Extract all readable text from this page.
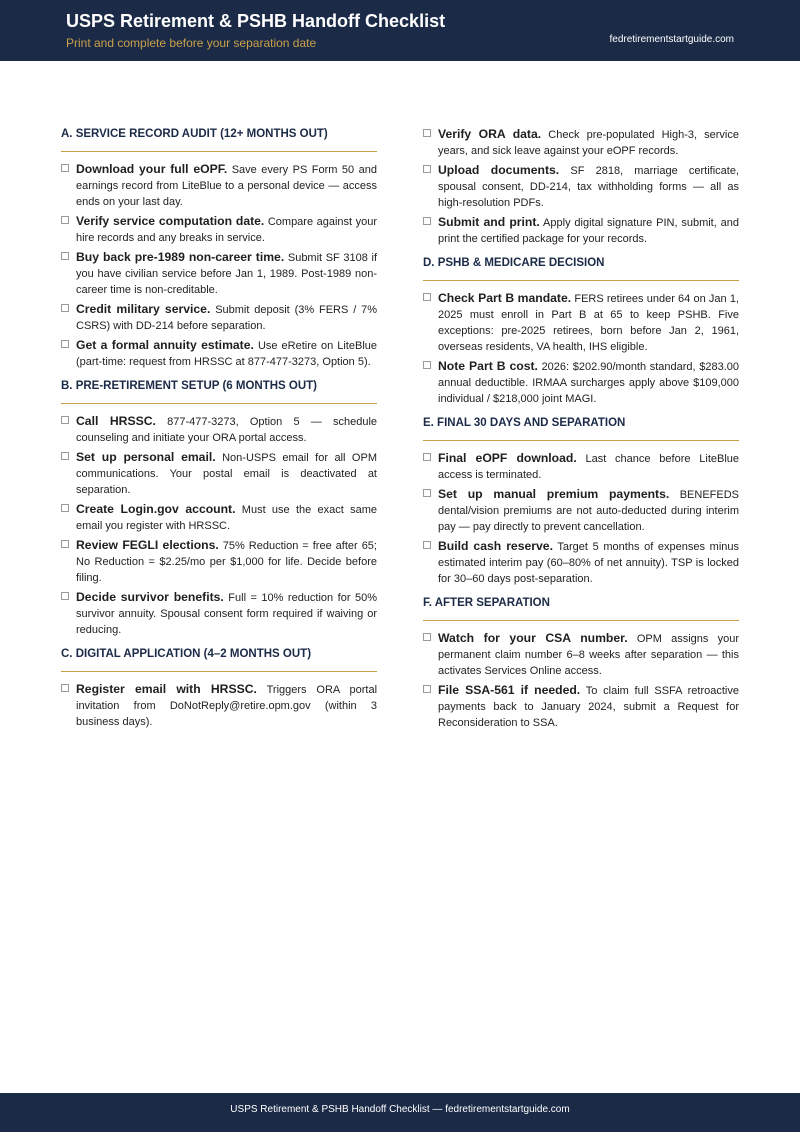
USPS Retirement & PSHB Handoff Checklist
Print and complete before your separation date	fedretirementstartguide.com
A. SERVICE RECORD AUDIT (12+ MONTHS OUT)
Download your full eOPF. Save every PS Form 50 and earnings record from LiteBlue to a personal device — access ends on your last day.
Verify service computation date. Compare against your hire records and any breaks in service.
Buy back pre-1989 non-career time. Submit SF 3108 if you have civilian service before Jan 1, 1989. Post-1989 non-career time is non-creditable.
Credit military service. Submit deposit (3% FERS / 7% CSRS) with DD-214 before separation.
Get a formal annuity estimate. Use eRetire on LiteBlue (part-time: request from HRSSC at 877-477-3273, Option 5).
B. PRE-RETIREMENT SETUP (6 MONTHS OUT)
Call HRSSC. 877-477-3273, Option 5 — schedule counseling and initiate your ORA portal access.
Set up personal email. Non-USPS email for all OPM communications. Your postal email is deactivated at separation.
Create Login.gov account. Must use the exact same email you register with HRSSC.
Review FEGLI elections. 75% Reduction = free after 65; No Reduction = $2.25/mo per $1,000 for life. Decide before filing.
Decide survivor benefits. Full = 10% reduction for 50% survivor annuity. Spousal consent form required if waiving or reducing.
C. DIGITAL APPLICATION (4–2 MONTHS OUT)
Register email with HRSSC. Triggers ORA portal invitation from DoNotReply@retire.opm.gov (within 3 business days).
Verify ORA data. Check pre-populated High-3, service years, and sick leave against your eOPF records.
Upload documents. SF 2818, marriage certificate, spousal consent, DD-214, tax withholding forms — all as high-resolution PDFs.
Submit and print. Apply digital signature PIN, submit, and print the certified package for your records.
D. PSHB & MEDICARE DECISION
Check Part B mandate. FERS retirees under 64 on Jan 1, 2025 must enroll in Part B at 65 to keep PSHB. Five exceptions: pre-2025 retirees, born before Jan 2, 1961, overseas residents, VA health, IHS eligible.
Note Part B cost. 2026: $202.90/month standard, $283.00 annual deductible. IRMAA surcharges apply above $109,000 individual / $218,000 joint MAGI.
E. FINAL 30 DAYS AND SEPARATION
Final eOPF download. Last chance before LiteBlue access is terminated.
Set up manual premium payments. BENEFEDS dental/vision premiums are not auto-deducted during interim pay — pay directly to prevent cancellation.
Build cash reserve. Target 5 months of expenses minus estimated interim pay (60–80% of net annuity). TSP is locked for 30–60 days post-separation.
F. AFTER SEPARATION
Watch for your CSA number. OPM assigns your permanent claim number 6–8 weeks after separation — this activates Services Online access.
File SSA-561 if needed. To claim full SSFA retroactive payments back to January 2024, submit a Request for Reconsideration to SSA.
USPS Retirement & PSHB Handoff Checklist — fedretirementstartguide.com
